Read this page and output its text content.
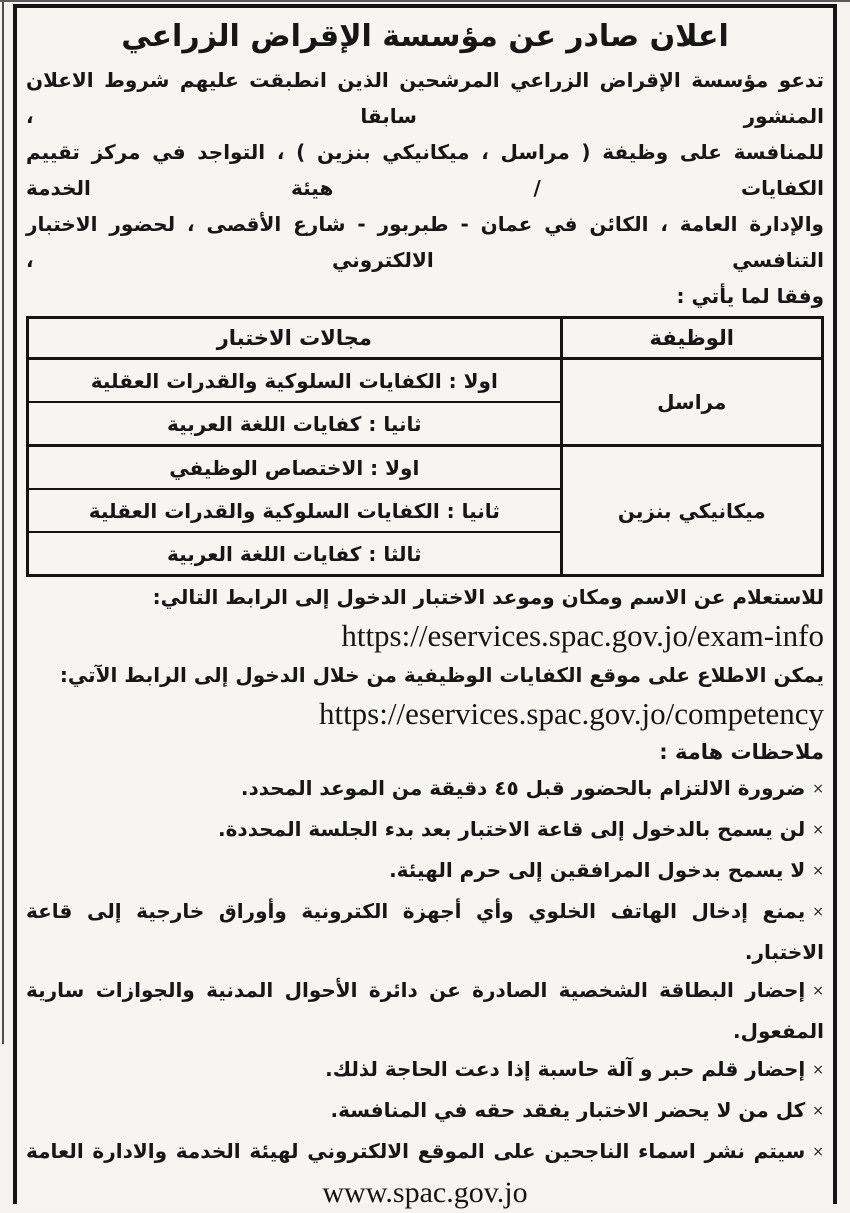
اعلان صادر عن مؤسسة الإقراض الزراعي
تدعو مؤسسة الإقراض الزراعي المرشحين الذين انطبقت عليهم شروط الاعلان المنشور سابقا ،
للمنافسة على وظيفة ( مراسل ، ميكانيكي بنزين ) ، التواجد في مركز تقييم الكفايات / هيئة الخدمة
والإدارة العامة ، الكائن في عمان - طبربور - شارع الأقصى ، لحضور الاختبار التنافسي الالكتروني ،
وفقا لما يأتي :
الوظيفة	مجالات الاختبار
مراسل	اولا : الكفايات السلوكية والقدرات العقلية
	ثانيا : كفايات اللغة العربية
ميكانيكي بنزين	اولا : الاختصاص الوظيفي
	ثانيا : الكفايات السلوكية والقدرات العقلية
	ثالثا : كفايات اللغة العربية
للاستعلام عن الاسم ومكان وموعد الاختبار الدخول إلى الرابط التالي:
https://eservices.spac.gov.jo/exam-info
يمكن الاطلاع على موقع الكفايات الوظيفية من خلال الدخول إلى الرابط الآتي:
https://eservices.spac.gov.jo/competency
ملاحظات هامة :
×ضرورة الالتزام بالحضور قبل ٤٥ دقيقة من الموعد المحدد.
×لن يسمح بالدخول إلى قاعة الاختبار بعد بدء الجلسة المحددة.
×لا يسمح بدخول المرافقين إلى حرم الهيئة.
×يمنع إدخال الهاتف الخلوي وأي أجهزة الكترونية وأوراق خارجية إلى قاعة
الاختبار.
×إحضار البطاقة الشخصية الصادرة عن دائرة الأحوال المدنية والجوازات سارية
المفعول.
×إحضار قلم حبر و آلة حاسبة إذا دعت الحاجة لذلك.
×كل من لا يحضر الاختبار يفقد حقه في المنافسة.
×سيتم نشر اسماء الناجحين على الموقع الالكتروني لهيئة الخدمة والادارة العامة
www.spac.gov.jo
